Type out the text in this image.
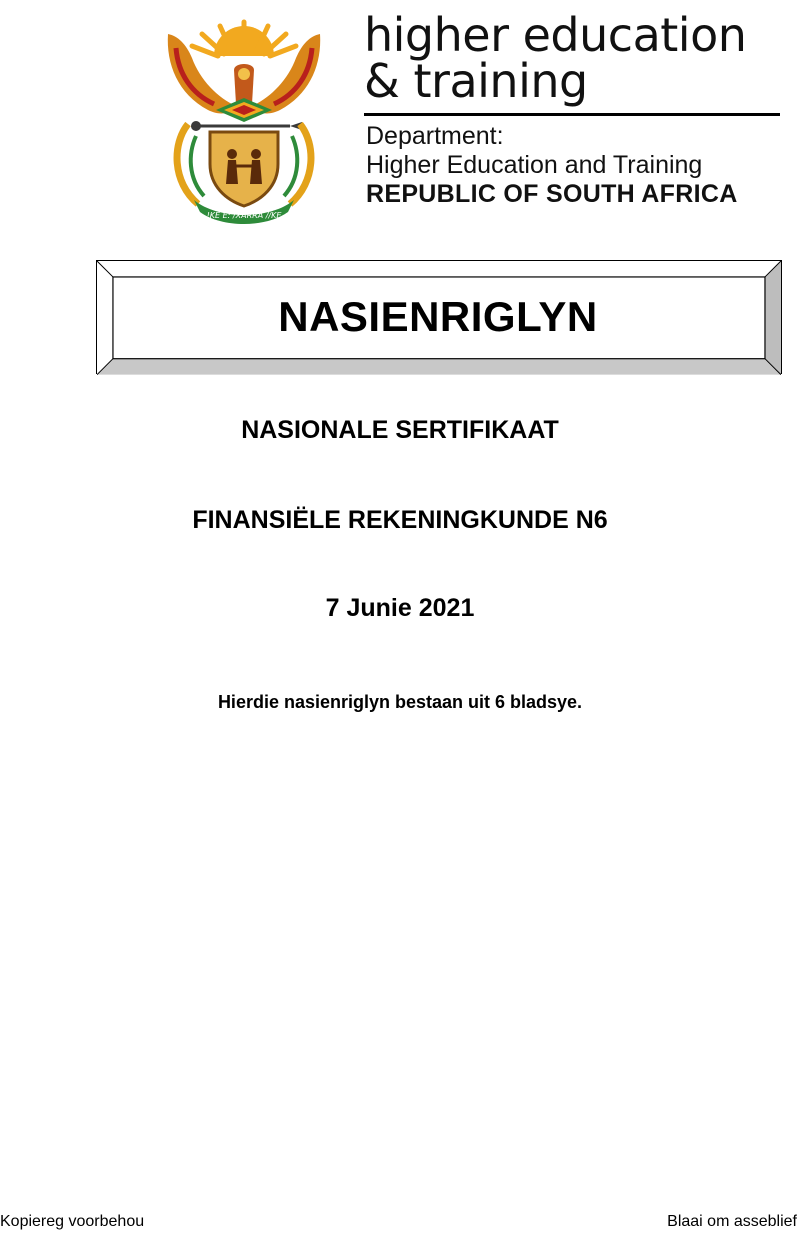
!KE E: /XARRA //KE
higher education
& training
Department:
Higher Education and Training
REPUBLIC OF SOUTH AFRICA
NASIENRIGLYN
NASIONALE SERTIFIKAAT
FINANSIËLE REKENINGKUNDE N6
7 Junie 2021
Hierdie nasienriglyn bestaan uit 6 bladsye.
Kopiereg voorbehou	Blaai om asseblief
